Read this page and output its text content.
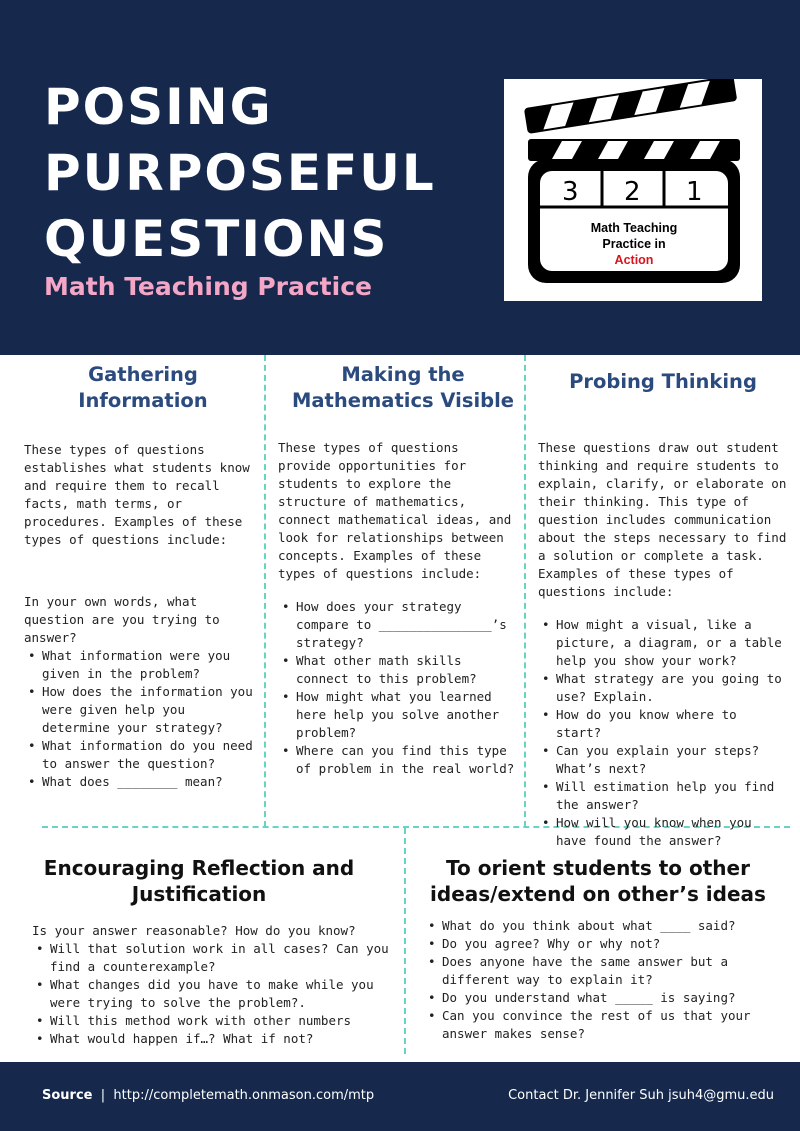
POSING PURPOSEFUL QUESTIONS
Math Teaching Practice
3 2 1
Math Teaching
Practice in
Action
Gathering Information

These types of questions establishes what students know and require them to recall facts, math terms, or procedures. Examples of these types of questions include:

In your own words, what question are you trying to answer?

• What information were you given in the problem?
• How does the information you were given help you determine your strategy?
• What information do you need to answer the question?
• What does ________ mean?
Making the Mathematics Visible

These types of questions provide opportunities for students to explore the structure of mathematics, connect mathematical ideas, and look for relationships between concepts. Examples of these types of questions include:

• How does your strategy compare to _______________’s strategy?
• What other math skills connect to this problem?
• How might what you learned here help you solve another problem?
• Where can you find this type of problem in the real world?
Probing Thinking

These questions draw out student thinking and require students to explain, clarify, or elaborate on their thinking. This type of question includes communication about the steps necessary to find a solution or complete a task. Examples of these types of questions include:

• How might a visual, like a picture, a diagram, or a table help you show your work?
• What strategy are you going to use? Explain.
• How do you know where to start?
• Can you explain your steps? What’s next?
• Will estimation help you find the answer?
• How will you know when you have found the answer?
Encouraging Reflection and Justification

Is your answer reasonable? How do you know?

• Will that solution work in all cases? Can you find a counterexample?
• What changes did you have to make while you were trying to solve the problem?.
• Will this method work with other numbers
• What would happen if…? What if not?
To orient students to other ideas/extend on other’s ideas
• What do you think about what ____ said?
• Do you agree? Why or why not?
• Does anyone have the same answer but a different way to explain it?
• Do you understand what _____ is saying?
• Can you convince the rest of us that your answer makes sense?
Source | http://completemath.onmason.com/mtp	Contact Dr. Jennifer Suh jsuh4@gmu.edu
